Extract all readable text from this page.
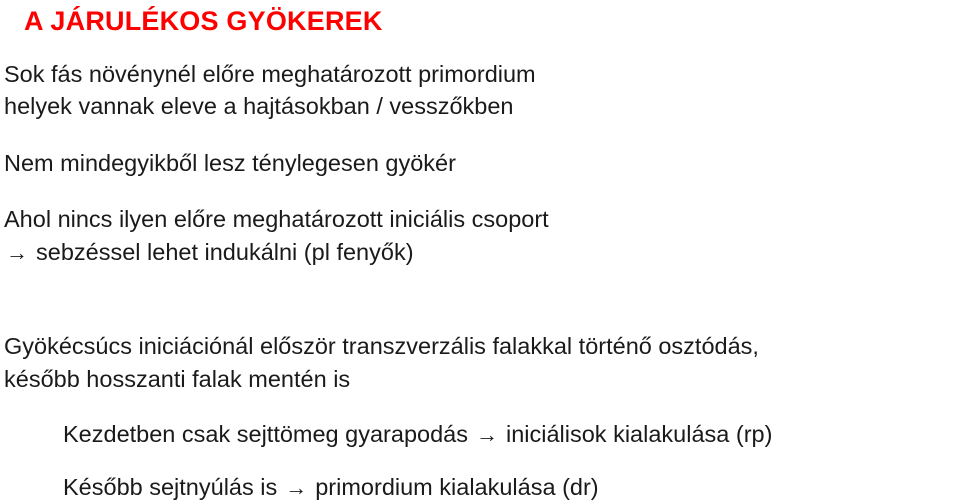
A JÁRULÉKOS GYÖKEREK
Sok fás növénynél előre meghatározott primordium
helyek vannak eleve a hajtásokban / vesszőkben
Nem mindegyikből lesz ténylegesen gyökér
Ahol nincs ilyen előre meghatározott iniciális csoport
→ sebzéssel lehet indukálni (pl fenyők)
Gyökécsúcs iniciációnál először transzverzális falakkal történő osztódás,
később hosszanti falak mentén is
Kezdetben csak sejttömeg gyarapodás → iniciálisok kialakulása (rp)
Később sejtnyúlás is → primordium kialakulása (dr)
